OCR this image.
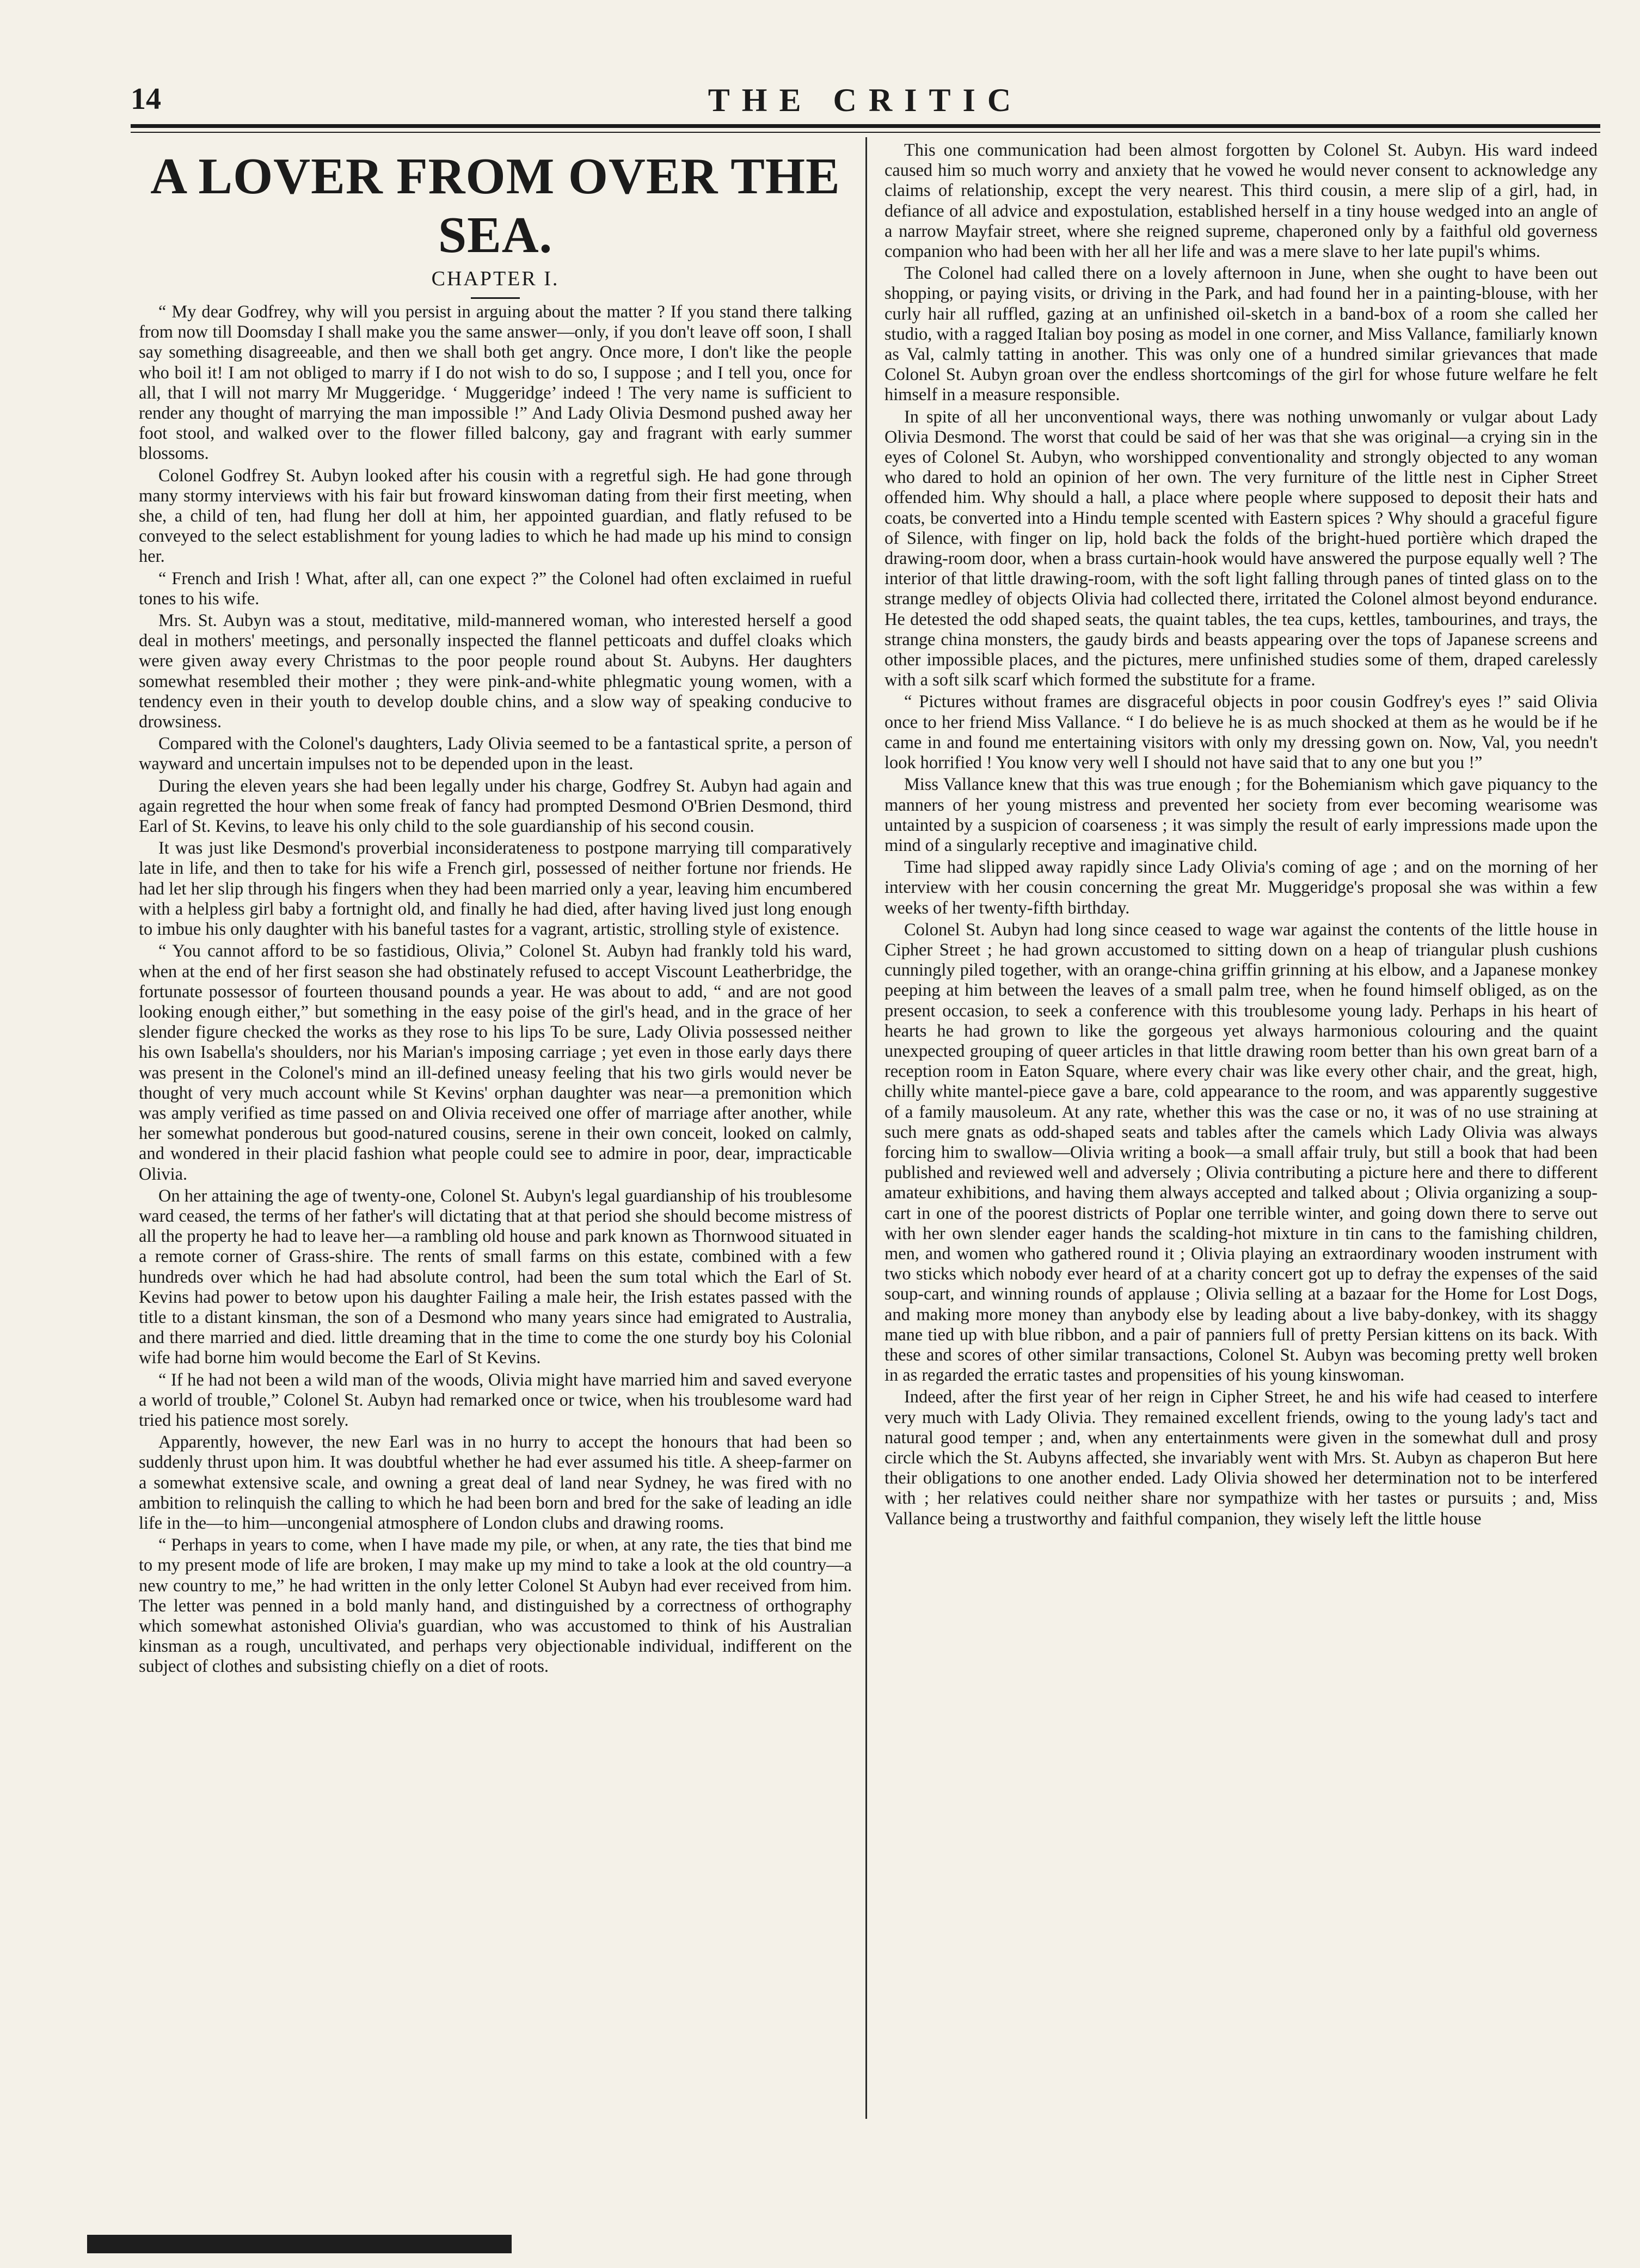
14	THE CRITIC
A LOVER FROM OVER THE SEA.
CHAPTER I.

“ My dear Godfrey, why will you persist in arguing about the matter ? If you stand there talking from now till Doomsday I shall make you the same answer—only, if you don't leave off soon, I shall say something disagreeable, and then we shall both get angry. Once more, I don't like the people who boil it! I am not obliged to marry if I do not wish to do so, I suppose ; and I tell you, once for all, that I will not marry Mr Muggeridge. ‘ Muggeridge’ indeed ! The very name is sufficient to render any thought of marrying the man impossible !” And Lady Olivia Desmond pushed away her foot stool, and walked over to the flower filled balcony, gay and fragrant with early summer blossoms.

Colonel Godfrey St. Aubyn looked after his cousin with a regretful sigh. He had gone through many stormy interviews with his fair but froward kinswoman dating from their first meeting, when she, a child of ten, had flung her doll at him, her appointed guardian, and flatly refused to be conveyed to the select establishment for young ladies to which he had made up his mind to consign her.

“ French and Irish ! What, after all, can one expect ?” the Colonel had often exclaimed in rueful tones to his wife.

Mrs. St. Aubyn was a stout, meditative, mild-mannered woman, who interested herself a good deal in mothers' meetings, and personally inspected the flannel petticoats and duffel cloaks which were given away every Christmas to the poor people round about St. Aubyns. Her daughters somewhat resembled their mother ; they were pink-and-white phlegmatic young women, with a tendency even in their youth to develop double chins, and a slow way of speaking conducive to drowsiness.

Compared with the Colonel's daughters, Lady Olivia seemed to be a fantastical sprite, a person of wayward and uncertain impulses not to be depended upon in the least.

During the eleven years she had been legally under his charge, Godfrey St. Aubyn had again and again regretted the hour when some freak of fancy had prompted Desmond O'Brien Desmond, third Earl of St. Kevins, to leave his only child to the sole guardianship of his second cousin.

It was just like Desmond's proverbial inconsiderateness to postpone marrying till comparatively late in life, and then to take for his wife a French girl, possessed of neither fortune nor friends. He had let her slip through his fingers when they had been married only a year, leaving him encumbered with a helpless girl baby a fortnight old, and finally he had died, after having lived just long enough to imbue his only daughter with his baneful tastes for a vagrant, artistic, strolling style of existence.

“ You cannot afford to be so fastidious, Olivia,” Colonel St. Aubyn had frankly told his ward, when at the end of her first season she had obstinately refused to accept Viscount Leatherbridge, the fortunate possessor of fourteen thousand pounds a year. He was about to add, “ and are not good looking enough either,” but something in the easy poise of the girl's head, and in the grace of her slender figure checked the works as they rose to his lips To be sure, Lady Olivia possessed neither his own Isabella's shoulders, nor his Marian's imposing carriage ; yet even in those early days there was present in the Colonel's mind an ill-defined uneasy feeling that his two girls would never be thought of very much account while St Kevins' orphan daughter was near—a premonition which was amply verified as time passed on and Olivia received one offer of marriage after another, while her somewhat ponderous but good-natured cousins, serene in their own conceit, looked on calmly, and wondered in their placid fashion what people could see to admire in poor, dear, impracticable Olivia.

On her attaining the age of twenty-one, Colonel St. Aubyn's legal guardianship of his troublesome ward ceased, the terms of her father's will dictating that at that period she should become mistress of all the property he had to leave her—a rambling old house and park known as Thornwood situated in a remote corner of Grass-shire. The rents of small farms on this estate, combined with a few hundreds over which he had had absolute control, had been the sum total which the Earl of St. Kevins had power to betow upon his daughter Failing a male heir, the Irish estates passed with the title to a distant kinsman, the son of a Desmond who many years since had emigrated to Australia, and there married and died. little dreaming that in the time to come the one sturdy boy his Colonial wife had borne him would become the Earl of St Kevins.

“ If he had not been a wild man of the woods, Olivia might have married him and saved everyone a world of trouble,” Colonel St. Aubyn had remarked once or twice, when his troublesome ward had tried his patience most sorely.

Apparently, however, the new Earl was in no hurry to accept the honours that had been so suddenly thrust upon him. It was doubtful whether he had ever assumed his title. A sheep-farmer on a somewhat extensive scale, and owning a great deal of land near Sydney, he was fired with no ambition to relinquish the calling to which he had been born and bred for the sake of leading an idle life in the—to him—uncongenial atmosphere of London clubs and drawing rooms.

“ Perhaps in years to come, when I have made my pile, or when, at any rate, the ties that bind me to my present mode of life are broken, I may make up my mind to take a look at the old country—a new country to me,” he had written in the only letter Colonel St Aubyn had ever received from him. The letter was penned in a bold manly hand, and distinguished by a correctness of orthography which somewhat astonished Olivia's guardian, who was accustomed to think of his Australian kinsman as a rough, uncultivated, and perhaps very objectionable individual, indifferent on the subject of clothes and subsisting chiefly on a diet of roots.

This one communication had been almost forgotten by Colonel St. Aubyn. His ward indeed caused him so much worry and anxiety that he vowed he would never consent to acknowledge any claims of relationship, except the very nearest. This third cousin, a mere slip of a girl, had, in defiance of all advice and expostulation, established herself in a tiny house wedged into an angle of a narrow Mayfair street, where she reigned supreme, chaperoned only by a faithful old governess companion who had been with her all her life and was a mere slave to her late pupil's whims.

The Colonel had called there on a lovely afternoon in June, when she ought to have been out shopping, or paying visits, or driving in the Park, and had found her in a painting-blouse, with her curly hair all ruffled, gazing at an unfinished oil-sketch in a band-box of a room she called her studio, with a ragged Italian boy posing as model in one corner, and Miss Vallance, familiarly known as Val, calmly tatting in another. This was only one of a hundred similar grievances that made Colonel St. Aubyn groan over the endless shortcomings of the girl for whose future welfare he felt himself in a measure responsible.

In spite of all her unconventional ways, there was nothing unwomanly or vulgar about Lady Olivia Desmond. The worst that could be said of her was that she was original—a crying sin in the eyes of Colonel St. Aubyn, who worshipped conventionality and strongly objected to any woman who dared to hold an opinion of her own. The very furniture of the little nest in Cipher Street offended him. Why should a hall, a place where people where supposed to deposit their hats and coats, be converted into a Hindu temple scented with Eastern spices ? Why should a graceful figure of Silence, with finger on lip, hold back the folds of the bright-hued portière which draped the drawing-room door, when a brass curtain-hook would have answered the purpose equally well ? The interior of that little drawing-room, with the soft light falling through panes of tinted glass on to the strange medley of objects Olivia had collected there, irritated the Colonel almost beyond endurance. He detested the odd shaped seats, the quaint tables, the tea cups, kettles, tambourines, and trays, the strange china monsters, the gaudy birds and beasts appearing over the tops of Japanese screens and other impossible places, and the pictures, mere unfinished studies some of them, draped carelessly with a soft silk scarf which formed the substitute for a frame.

“ Pictures without frames are disgraceful objects in poor cousin Godfrey's eyes !” said Olivia once to her friend Miss Vallance. “ I do believe he is as much shocked at them as he would be if he came in and found me entertaining visitors with only my dressing gown on. Now, Val, you needn't look horrified ! You know very well I should not have said that to any one but you !”

Miss Vallance knew that this was true enough ; for the Bohemianism which gave piquancy to the manners of her young mistress and prevented her society from ever becoming wearisome was untainted by a suspicion of coarseness ; it was simply the result of early impressions made upon the mind of a singularly receptive and imaginative child.

Time had slipped away rapidly since Lady Olivia's coming of age ; and on the morning of her interview with her cousin concerning the great Mr. Muggeridge's proposal she was within a few weeks of her twenty-fifth birthday.

Colonel St. Aubyn had long since ceased to wage war against the contents of the little house in Cipher Street ; he had grown accustomed to sitting down on a heap of triangular plush cushions cunningly piled together, with an orange-china griffin grinning at his elbow, and a Japanese monkey peeping at him between the leaves of a small palm tree, when he found himself obliged, as on the present occasion, to seek a conference with this troublesome young lady. Perhaps in his heart of hearts he had grown to like the gorgeous yet always harmonious colouring and the quaint unexpected grouping of queer articles in that little drawing room better than his own great barn of a reception room in Eaton Square, where every chair was like every other chair, and the great, high, chilly white mantel-piece gave a bare, cold appearance to the room, and was apparently suggestive of a family mausoleum. At any rate, whether this was the case or no, it was of no use straining at such mere gnats as odd-shaped seats and tables after the camels which Lady Olivia was always forcing him to swallow—Olivia writing a book—a small affair truly, but still a book that had been published and reviewed well and adversely ; Olivia contributing a picture here and there to different amateur exhibitions, and having them always accepted and talked about ; Olivia organizing a soup-cart in one of the poorest districts of Poplar one terrible winter, and going down there to serve out with her own slender eager hands the scalding-hot mixture in tin cans to the famishing children, men, and women who gathered round it ; Olivia playing an extraordinary wooden instrument with two sticks which nobody ever heard of at a charity concert got up to defray the expenses of the said soup-cart, and winning rounds of applause ; Olivia selling at a bazaar for the Home for Lost Dogs, and making more money than anybody else by leading about a live baby-donkey, with its shaggy mane tied up with blue ribbon, and a pair of panniers full of pretty Persian kittens on its back. With these and scores of other similar transactions, Colonel St. Aubyn was becoming pretty well broken in as regarded the erratic tastes and propensities of his young kinswoman.

Indeed, after the first year of her reign in Cipher Street, he and his wife had ceased to interfere very much with Lady Olivia. They remained excellent friends, owing to the young lady's tact and natural good temper ; and, when any entertainments were given in the somewhat dull and prosy circle which the St. Aubyns affected, she invariably went with Mrs. St. Aubyn as chaperon But here their obligations to one another ended. Lady Olivia showed her determination not to be interfered with ; her relatives could neither share nor sympathize with her tastes or pursuits ; and, Miss Vallance being a trustworthy and faithful companion, they wisely left the little house
